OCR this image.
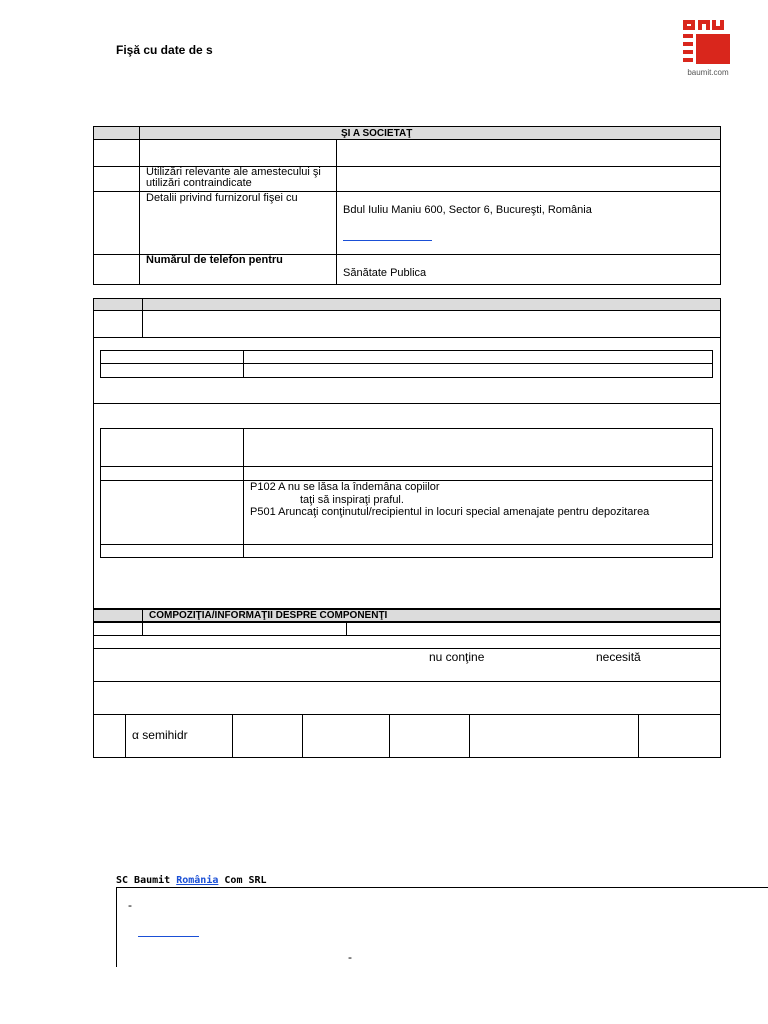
Fişă cu date de s
baumit.com
ŞI A SOCIETAŢ
Utilizări relevante ale amestecului şi utilizări contraindicate
Detalii privind furnizorul fişei cu
Bdul Iuliu Maniu 600, Sector 6, Bucureşti, România
Numărul de telefon pentru
Sănătate Publica
P102 A nu se lăsa la îndemâna copiilor
taţi să inspiraţi praful.
P501 Aruncaţi conţinutul/recipientul in locuri special amenajate pentru depozitarea
COMPOZIŢIA/INFORMAŢII DESPRE COMPONENŢI
nu conţine	necesită
α semihidr
SC Baumit România Com SRL
-
-
